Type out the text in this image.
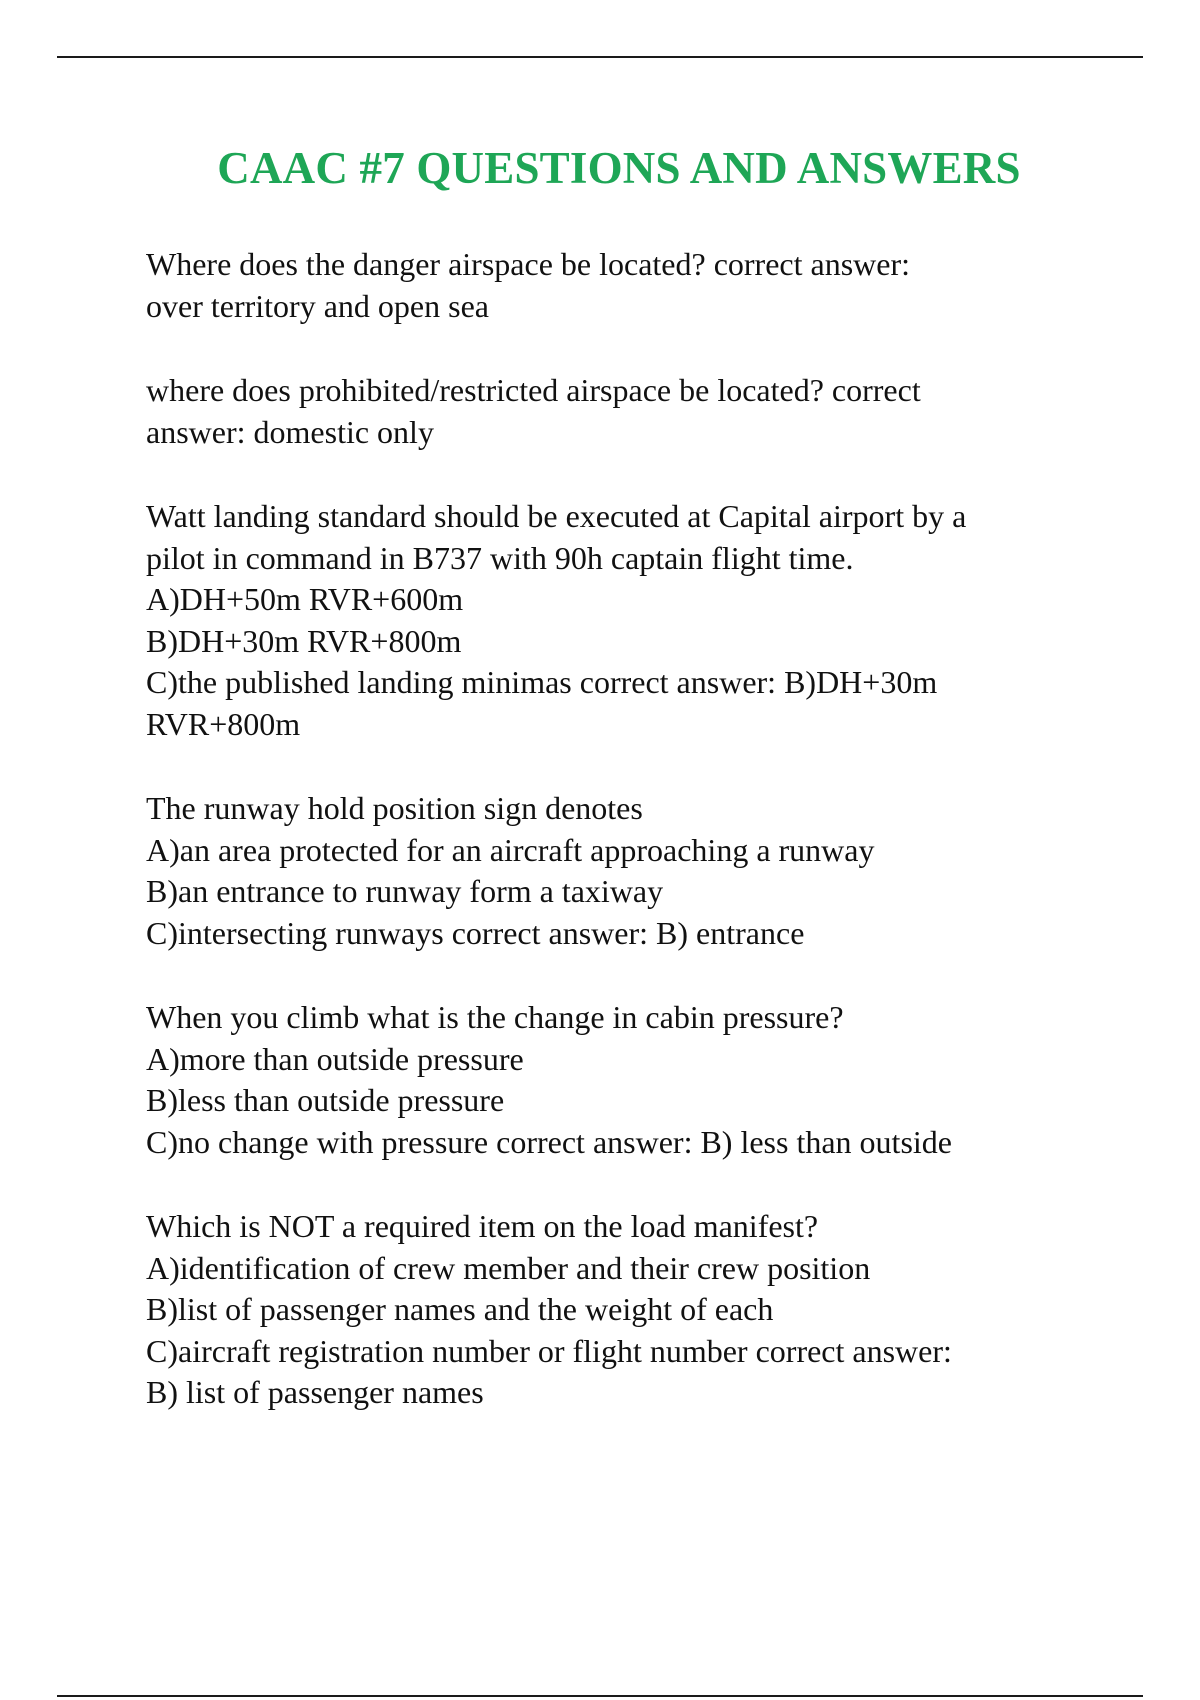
CAAC #7 QUESTIONS AND ANSWERS

Where does the danger airspace be located? correct answer:

over territory and open sea

where does prohibited/restricted airspace be located? correct

answer: domestic only

Watt landing standard should be executed at Capital airport by a

pilot in command in B737 with 90h captain flight time.

A)DH+50m RVR+600m

B)DH+30m RVR+800m

C)the published landing minimas correct answer: B)DH+30m

RVR+800m

The runway hold position sign denotes

A)an area protected for an aircraft approaching a runway

B)an entrance to runway form a taxiway

C)intersecting runways correct answer: B) entrance

When you climb what is the change in cabin pressure?

A)more than outside pressure

B)less than outside pressure

C)no change with pressure correct answer: B) less than outside

Which is NOT a required item on the load manifest?

A)identification of crew member and their crew position

B)list of passenger names and the weight of each

C)aircraft registration number or flight number correct answer:

B) list of passenger names
